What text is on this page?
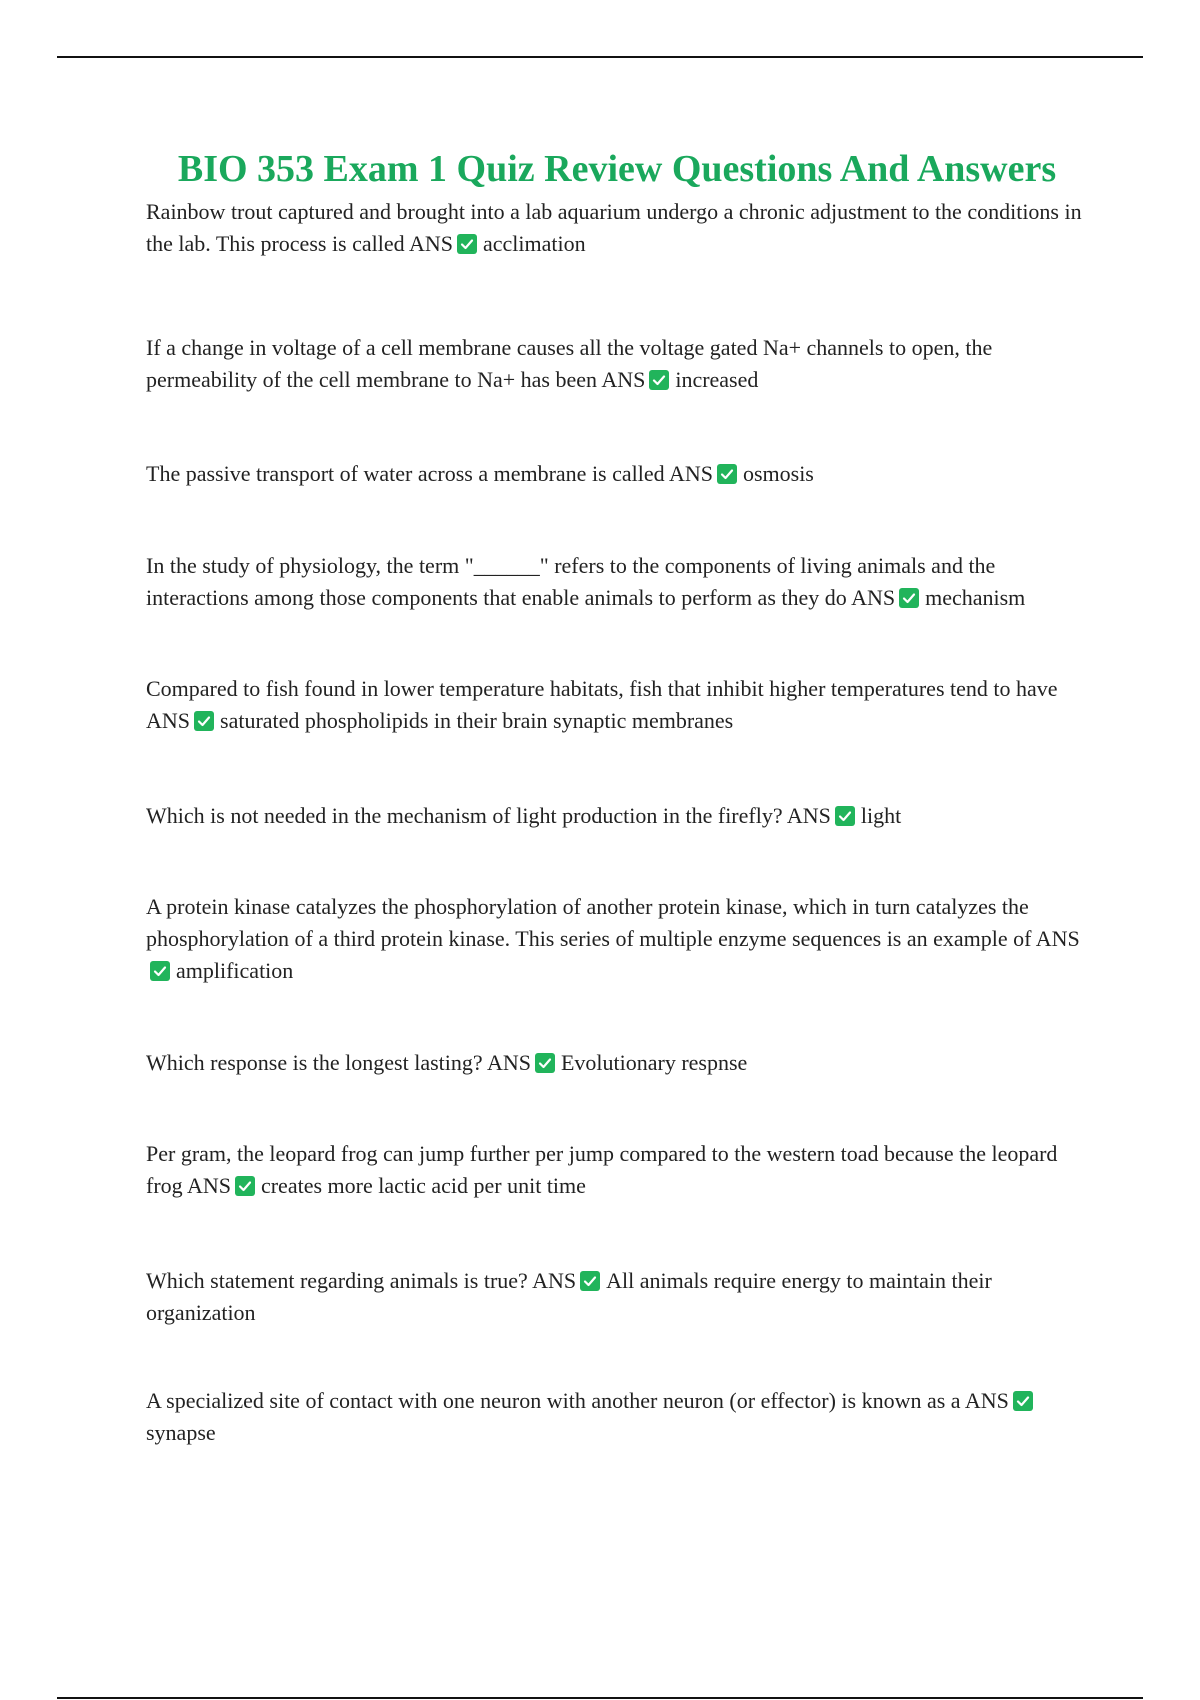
BIO 353 Exam 1 Quiz Review Questions And Answers

Rainbow trout captured and brought into a lab aquarium undergo a chronic adjustment to the conditions in the lab. This process is called ANS acclimation

If a change in voltage of a cell membrane causes all the voltage gated Na+ channels to open, the permeability of the cell membrane to Na+ has been ANS increased

The passive transport of water across a membrane is called ANS osmosis

In the study of physiology, the term "______" refers to the components of living animals and the interactions among those components that enable animals to perform as they do ANS mechanism

Compared to fish found in lower temperature habitats, fish that inhibit higher temperatures tend to have ANS saturated phospholipids in their brain synaptic membranes

Which is not needed in the mechanism of light production in the firefly? ANS light

A protein kinase catalyzes the phosphorylation of another protein kinase, which in turn catalyzes the phosphorylation of a third protein kinase. This series of multiple enzyme sequences is an example of ANS
amplification

Which response is the longest lasting? ANS Evolutionary respnse

Per gram, the leopard frog can jump further per jump compared to the western toad because the leopard frog ANS creates more lactic acid per unit time

Which statement regarding animals is true? ANS All animals require energy to maintain their organization

A specialized site of contact with one neuron with another neuron (or effector) is known as a ANS
synapse
